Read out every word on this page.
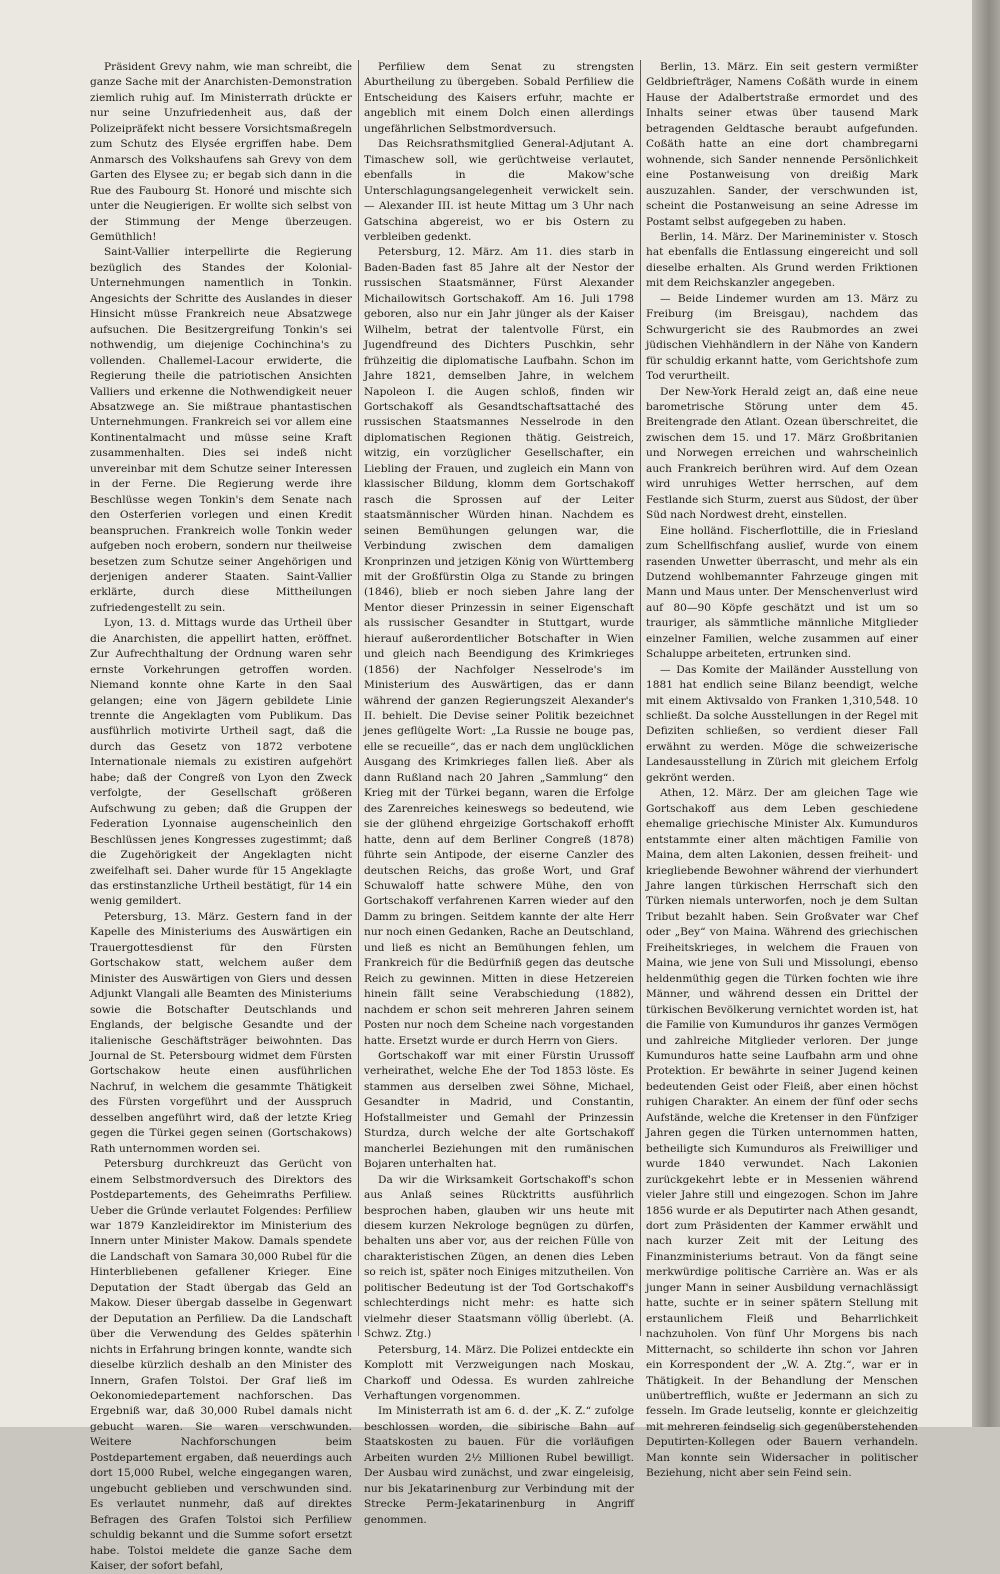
Präsident Grevy nahm, wie man schreibt, die ganze Sache mit der Anarchisten-Demonstration ziemlich ruhig auf. Im Ministerrath drückte er nur seine Unzufriedenheit aus, daß der Polizeipräfekt nicht bessere Vorsichtsmaßregeln zum Schutz des Elysée ergriffen habe. Dem Anmarsch des Volkshaufens sah Grevy von dem Garten des Elysee zu; er begab sich dann in die Rue des Faubourg St. Honoré und mischte sich unter die Neugierigen. Er wollte sich selbst von der Stimmung der Menge überzeugen. Gemüthlich!

Saint-Vallier interpellirte die Regierung bezüglich des Standes der Kolonial-Unternehmungen namentlich in Tonkin. Angesichts der Schritte des Auslandes in dieser Hinsicht müsse Frankreich neue Absatzwege aufsuchen. Die Besitzergreifung Tonkin's sei nothwendig, um diejenige Cochinchina's zu vollenden. Challemel-Lacour erwiderte, die Regierung theile die patriotischen Ansichten Valliers und erkenne die Nothwendigkeit neuer Absatzwege an. Sie mißtraue phantastischen Unternehmungen. Frankreich sei vor allem eine Kontinentalmacht und müsse seine Kraft zusammenhalten. Dies sei indeß nicht unvereinbar mit dem Schutze seiner Interessen in der Ferne. Die Regierung werde ihre Beschlüsse wegen Tonkin's dem Senate nach den Osterferien vorlegen und einen Kredit beanspruchen. Frankreich wolle Tonkin weder aufgeben noch erobern, sondern nur theilweise besetzen zum Schutze seiner Angehörigen und derjenigen anderer Staaten. Saint-Vallier erklärte, durch diese Mittheilungen zufriedengestellt zu sein.

Lyon, 13. d. Mittags wurde das Urtheil über die Anarchisten, die appellirt hatten, eröffnet. Zur Aufrechthaltung der Ordnung waren sehr ernste Vorkehrungen getroffen worden. Niemand konnte ohne Karte in den Saal gelangen; eine von Jägern gebildete Linie trennte die Angeklagten vom Publikum. Das ausführlich motivirte Urtheil sagt, daß die durch das Gesetz von 1872 verbotene Internationale niemals zu existiren aufgehört habe; daß der Congreß von Lyon den Zweck verfolgte, der Gesellschaft größeren Aufschwung zu geben; daß die Gruppen der Federation Lyonnaise augenscheinlich den Beschlüssen jenes Kongresses zugestimmt; daß die Zugehörigkeit der Angeklagten nicht zweifelhaft sei. Daher wurde für 15 Angeklagte das erstinstanzliche Urtheil bestätigt, für 14 ein wenig gemildert.

Petersburg, 13. März. Gestern fand in der Kapelle des Ministeriums des Auswärtigen ein Trauergottesdienst für den Fürsten Gortschakow statt, welchem außer dem Minister des Auswärtigen von Giers und dessen Adjunkt Vlangali alle Beamten des Ministeriums sowie die Botschafter Deutschlands und Englands, der belgische Gesandte und der italienische Geschäftsträger beiwohnten. Das Journal de St. Petersbourg widmet dem Fürsten Gortschakow heute einen ausführlichen Nachruf, in welchem die gesammte Thätigkeit des Fürsten vorgeführt und der Ausspruch desselben angeführt wird, daß der letzte Krieg gegen die Türkei gegen seinen (Gortschakows) Rath unternommen worden sei.

Petersburg durchkreuzt das Gerücht von einem Selbstmordversuch des Direktors des Postdepartements, des Geheimraths Perfiliew. Ueber die Gründe verlautet Folgendes: Perfiliew war 1879 Kanzleidirektor im Ministerium des Innern unter Minister Makow. Damals spendete die Landschaft von Samara 30,000 Rubel für die Hinterbliebenen gefallener Krieger. Eine Deputation der Stadt übergab das Geld an Makow. Dieser übergab dasselbe in Gegenwart der Deputation an Perfiliew. Da die Landschaft über die Verwendung des Geldes späterhin nichts in Erfahrung bringen konnte, wandte sich dieselbe kürzlich deshalb an den Minister des Innern, Grafen Tolstoi. Der Graf ließ im Oekonomiedepartement nachforschen. Das Ergebniß war, daß 30,000 Rubel damals nicht gebucht waren. Sie waren verschwunden. Weitere Nachforschungen beim Postdepartement ergaben, daß neuerdings auch dort 15,000 Rubel, welche eingegangen waren, ungebucht geblieben und verschwunden sind. Es verlautet nunmehr, daß auf direktes Befragen des Grafen Tolstoi sich Perfiliew schuldig bekannt und die Summe sofort ersetzt habe. Tolstoi meldete die ganze Sache dem Kaiser, der sofort befahl,

Perfiliew dem Senat zu strengsten Aburtheilung zu übergeben. Sobald Perfiliew die Entscheidung des Kaisers erfuhr, machte er angeblich mit einem Dolch einen allerdings ungefährlichen Selbstmordversuch.

Das Reichsrathsmitglied General-Adjutant A. Timaschew soll, wie gerüchtweise verlautet, ebenfalls in die Makow'sche Unterschlagungsangelegenheit verwickelt sein. — Alexander III. ist heute Mittag um 3 Uhr nach Gatschina abgereist, wo er bis Ostern zu verbleiben gedenkt.

Petersburg, 12. März. Am 11. dies starb in Baden-Baden fast 85 Jahre alt der Nestor der russischen Staatsmänner, Fürst Alexander Michailowitsch Gortschakoff. Am 16. Juli 1798 geboren, also nur ein Jahr jünger als der Kaiser Wilhelm, betrat der talentvolle Fürst, ein Jugendfreund des Dichters Puschkin, sehr frühzeitig die diplomatische Laufbahn. Schon im Jahre 1821, demselben Jahre, in welchem Napoleon I. die Augen schloß, finden wir Gortschakoff als Gesandtschaftsattaché des russischen Staatsmannes Nesselrode in den diplomatischen Regionen thätig. Geistreich, witzig, ein vorzüglicher Gesellschafter, ein Liebling der Frauen, und zugleich ein Mann von klassischer Bildung, klomm dem Gortschakoff rasch die Sprossen auf der Leiter staatsmännischer Würden hinan. Nachdem es seinen Bemühungen gelungen war, die Verbindung zwischen dem damaligen Kronprinzen und jetzigen König von Württemberg mit der Großfürstin Olga zu Stande zu bringen (1846), blieb er noch sieben Jahre lang der Mentor dieser Prinzessin in seiner Eigenschaft als russischer Gesandter in Stuttgart, wurde hierauf außerordentlicher Botschafter in Wien und gleich nach Beendigung des Krimkrieges (1856) der Nachfolger Nesselrode's im Ministerium des Auswärtigen, das er dann während der ganzen Regierungszeit Alexander's II. behielt. Die Devise seiner Politik bezeichnet jenes geflügelte Wort: „La Russie ne bouge pas, elle se recueille“, das er nach dem unglücklichen Ausgang des Krimkrieges fallen ließ. Aber als dann Rußland nach 20 Jahren „Sammlung“ den Krieg mit der Türkei begann, waren die Erfolge des Zarenreiches keineswegs so bedeutend, wie sie der glühend ehrgeizige Gortschakoff erhofft hatte, denn auf dem Berliner Congreß (1878) führte sein Antipode, der eiserne Canzler des deutschen Reichs, das große Wort, und Graf Schuwaloff hatte schwere Mühe, den von Gortschakoff verfahrenen Karren wieder auf den Damm zu bringen. Seitdem kannte der alte Herr nur noch einen Gedanken, Rache an Deutschland, und ließ es nicht an Bemühungen fehlen, um Frankreich für die Bedürfniß gegen das deutsche Reich zu gewinnen. Mitten in diese Hetzereien hinein fällt seine Verabschiedung (1882), nachdem er schon seit mehreren Jahren seinem Posten nur noch dem Scheine nach vorgestanden hatte. Ersetzt wurde er durch Herrn von Giers.

Gortschakoff war mit einer Fürstin Urussoff verheirathet, welche Ehe der Tod 1853 löste. Es stammen aus derselben zwei Söhne, Michael, Gesandter in Madrid, und Constantin, Hofstallmeister und Gemahl der Prinzessin Sturdza, durch welche der alte Gortschakoff mancherlei Beziehungen mit den rumänischen Bojaren unterhalten hat.

Da wir die Wirksamkeit Gortschakoff's schon aus Anlaß seines Rücktritts ausführlich besprochen haben, glauben wir uns heute mit diesem kurzen Nekrologe begnügen zu dürfen, behalten uns aber vor, aus der reichen Fülle von charakteristischen Zügen, an denen dies Leben so reich ist, später noch Einiges mitzutheilen. Von politischer Bedeutung ist der Tod Gortschakoff's schlechterdings nicht mehr: es hatte sich vielmehr dieser Staatsmann völlig überlebt. (A. Schwz. Ztg.)

Petersburg, 14. März. Die Polizei entdeckte ein Komplott mit Verzweigungen nach Moskau, Charkoff und Odessa. Es wurden zahlreiche Verhaftungen vorgenommen.

Im Ministerrath ist am 6. d. der „K. Z.“ zufolge beschlossen worden, die sibirische Bahn auf Staatskosten zu bauen. Für die vorläufigen Arbeiten wurden 2½ Millionen Rubel bewilligt. Der Ausbau wird zunächst, und zwar eingeleisig, nur bis Jekatarinenburg zur Verbindung mit der Strecke Perm-Jekatarinenburg in Angriff genommen.

Berlin, 13. März. Ein seit gestern vermißter Geldbriefträger, Namens Coßäth wurde in einem Hause der Adalbertstraße ermordet und des Inhalts seiner etwas über tausend Mark betragenden Geldtasche beraubt aufgefunden. Coßäth hatte an eine dort chambregarni wohnende, sich Sander nennende Persönlichkeit eine Postanweisung von dreißig Mark auszuzahlen. Sander, der verschwunden ist, scheint die Postanweisung an seine Adresse im Postamt selbst aufgegeben zu haben.

Berlin, 14. März. Der Marineminister v. Stosch hat ebenfalls die Entlassung eingereicht und soll dieselbe erhalten. Als Grund werden Friktionen mit dem Reichskanzler angegeben.

— Beide Lindemer wurden am 13. März zu Freiburg (im Breisgau), nachdem das Schwurgericht sie des Raubmordes an zwei jüdischen Viehhändlern in der Nähe von Kandern für schuldig erkannt hatte, vom Gerichtshofe zum Tod verurtheilt.

Der New-York Herald zeigt an, daß eine neue barometrische Störung unter dem 45. Breitengrade den Atlant. Ozean überschreitet, die zwischen dem 15. und 17. März Großbritanien und Norwegen erreichen und wahrscheinlich auch Frankreich berühren wird. Auf dem Ozean wird unruhiges Wetter herrschen, auf dem Festlande sich Sturm, zuerst aus Südost, der über Süd nach Nordwest dreht, einstellen.

Eine holländ. Fischerflottille, die in Friesland zum Schellfischfang auslief, wurde von einem rasenden Unwetter überrascht, und mehr als ein Dutzend wohlbemannter Fahrzeuge gingen mit Mann und Maus unter. Der Menschenverlust wird auf 80—90 Köpfe geschätzt und ist um so trauriger, als sämmtliche männliche Mitglieder einzelner Familien, welche zusammen auf einer Schaluppe arbeiteten, ertrunken sind.

— Das Komite der Mailänder Ausstellung von 1881 hat endlich seine Bilanz beendigt, welche mit einem Aktivsaldo von Franken 1,310,548. 10 schließt. Da solche Ausstellungen in der Regel mit Defiziten schließen, so verdient dieser Fall erwähnt zu werden. Möge die schweizerische Landesausstellung in Zürich mit gleichem Erfolg gekrönt werden.

Athen, 12. März. Der am gleichen Tage wie Gortschakoff aus dem Leben geschiedene ehemalige griechische Minister Alx. Kumunduros entstammte einer alten mächtigen Familie von Maina, dem alten Lakonien, dessen freiheit- und kriegliebende Bewohner während der vierhundert Jahre langen türkischen Herrschaft sich den Türken niemals unterworfen, noch je dem Sultan Tribut bezahlt haben. Sein Großvater war Chef oder „Bey“ von Maina. Während des griechischen Freiheitskrieges, in welchem die Frauen von Maina, wie jene von Suli und Missolungi, ebenso heldenmüthig gegen die Türken fochten wie ihre Männer, und während dessen ein Drittel der türkischen Bevölkerung vernichtet worden ist, hat die Familie von Kumunduros ihr ganzes Vermögen und zahlreiche Mitglieder verloren. Der junge Kumunduros hatte seine Laufbahn arm und ohne Protektion. Er bewährte in seiner Jugend keinen bedeutenden Geist oder Fleiß, aber einen höchst ruhigen Charakter. An einem der fünf oder sechs Aufstände, welche die Kretenser in den Fünfziger Jahren gegen die Türken unternommen hatten, betheiligte sich Kumunduros als Freiwilliger und wurde 1840 verwundet. Nach Lakonien zurückgekehrt lebte er in Messenien während vieler Jahre still und eingezogen. Schon im Jahre 1856 wurde er als Deputirter nach Athen gesandt, dort zum Präsidenten der Kammer erwählt und nach kurzer Zeit mit der Leitung des Finanzministeriums betraut. Von da fängt seine merkwürdige politische Carrière an. Was er als junger Mann in seiner Ausbildung vernachlässigt hatte, suchte er in seiner spätern Stellung mit erstaunlichem Fleiß und Beharrlichkeit nachzuholen. Von fünf Uhr Morgens bis nach Mitternacht, so schilderte ihn schon vor Jahren ein Korrespondent der „W. A. Ztg.“, war er in Thätigkeit. In der Behandlung der Menschen unübertrefflich, wußte er Jedermann an sich zu fesseln. Im Grade leutselig, konnte er gleichzeitig mit mehreren feindselig sich gegenüberstehenden Deputirten-Kollegen oder Bauern verhandeln. Man konnte sein Widersacher in politischer Beziehung, nicht aber sein Feind sein.
